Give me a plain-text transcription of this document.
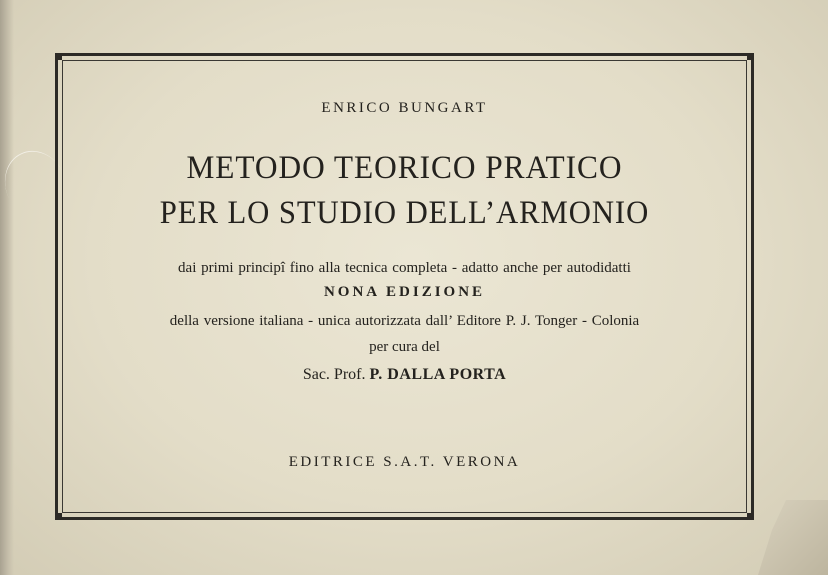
ENRICO BUNGART
METODO TEORICO PRATICO
PER LO STUDIO DELL’ARMONIO
dai primi principî fino alla tecnica completa - adatto anche per autodidatti
NONA EDIZIONE
della versione italiana - unica autorizzata dall’ Editore P. J. Tonger - Colonia
per cura del
Sac. Prof. P. DALLA PORTA
EDITRICE S.A.T. VERONA
